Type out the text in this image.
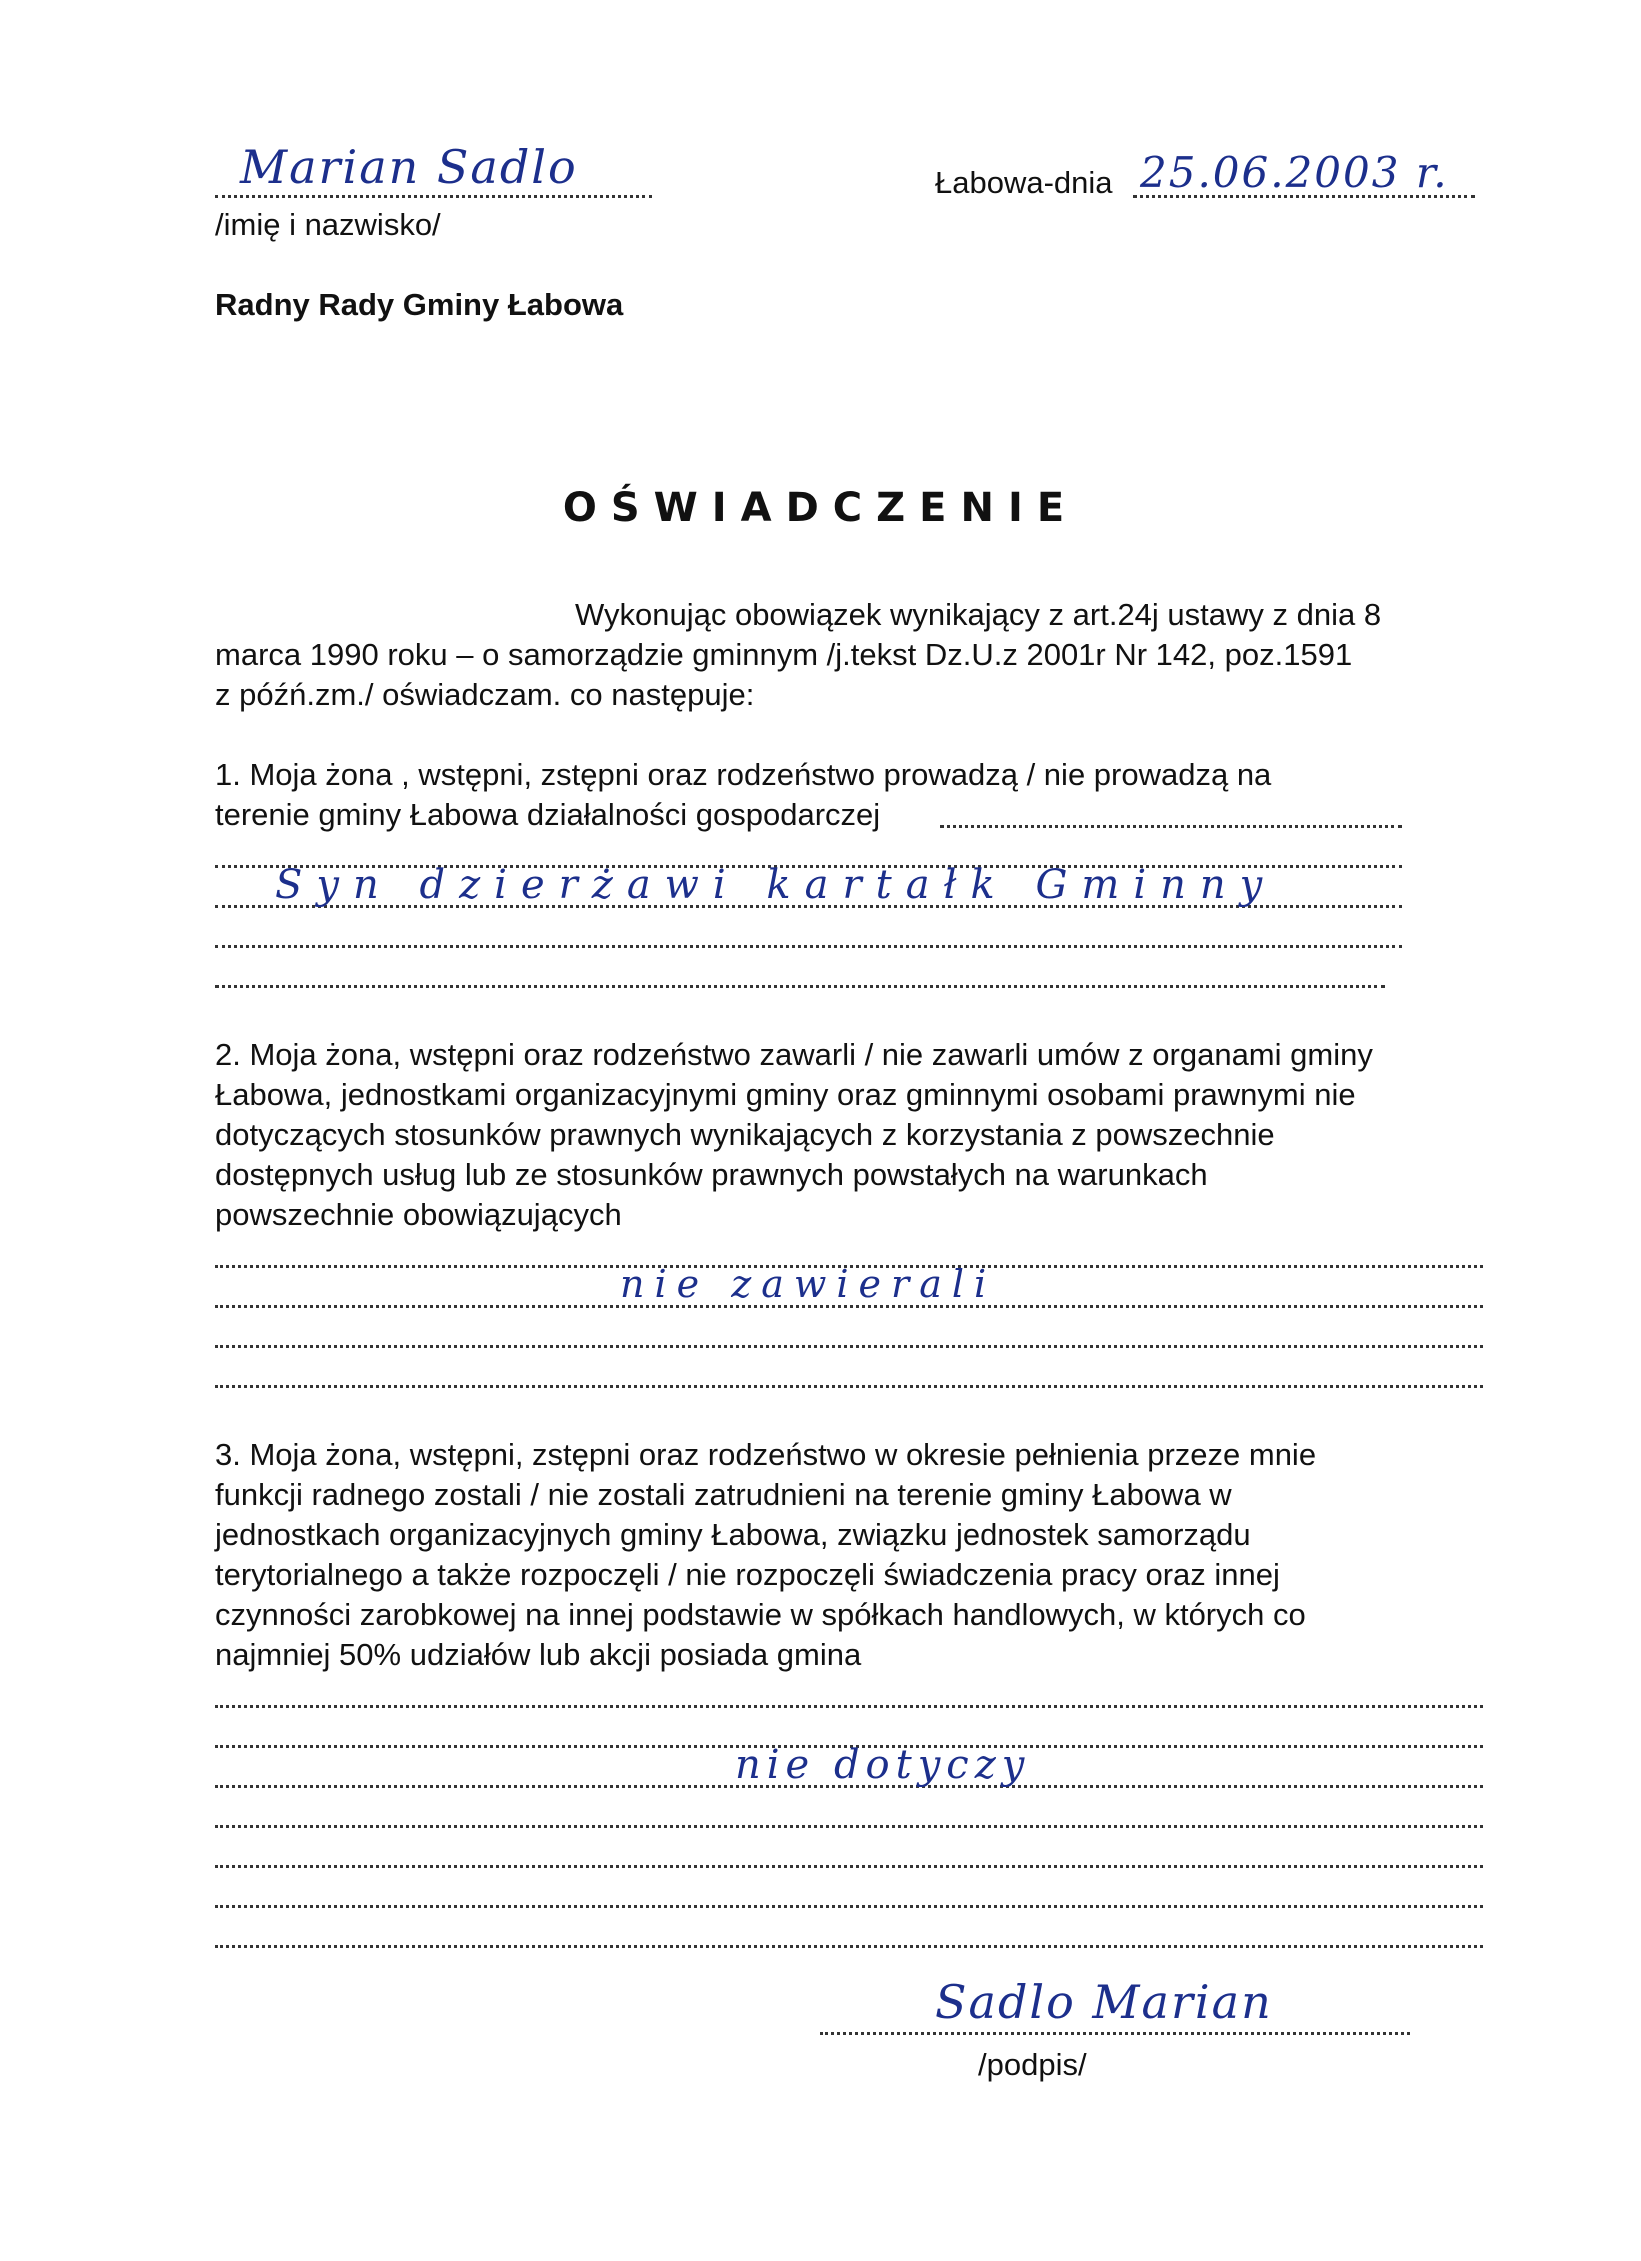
Marian Sadlo
/imię i nazwisko/
Łabowa-dnia 25.06.2003 r.
Radny Rady Gminy Łabowa
OŚWIADCZENIE
Wykonując obowiązek wynikający z art.24j ustawy z dnia 8
marca 1990 roku – o samorządzie gminnym /j.tekst Dz.U.z 2001r Nr 142, poz.1591
z późń.zm./ oświadczam. co następuje:
1. Moja żona , wstępni, zstępni oraz rodzeństwo prowadzą / nie prowadzą na
terenie gminy Łabowa działalności gospodarczej
Syn dzierżawi kartałk Gminny
2. Moja żona, wstępni oraz rodzeństwo zawarli / nie zawarli umów z organami gminy
Łabowa, jednostkami organizacyjnymi gminy oraz gminnymi osobami prawnymi nie
dotyczących stosunków prawnych wynikających z korzystania z powszechnie
dostępnych usług lub ze stosunków prawnych powstałych na warunkach
powszechnie obowiązujących
nie zawierali
3. Moja żona, wstępni, zstępni oraz rodzeństwo w okresie pełnienia przeze mnie
funkcji radnego zostali / nie zostali zatrudnieni na terenie gminy Łabowa w
jednostkach organizacyjnych gminy Łabowa, związku jednostek samorządu
terytorialnego a także rozpoczęli / nie rozpoczęli świadczenia pracy oraz innej
czynności zarobkowej na innej podstawie w spółkach handlowych, w których co
najmniej 50% udziałów lub akcji posiada gmina
nie dotyczy
Sadlo Marian
/podpis/
